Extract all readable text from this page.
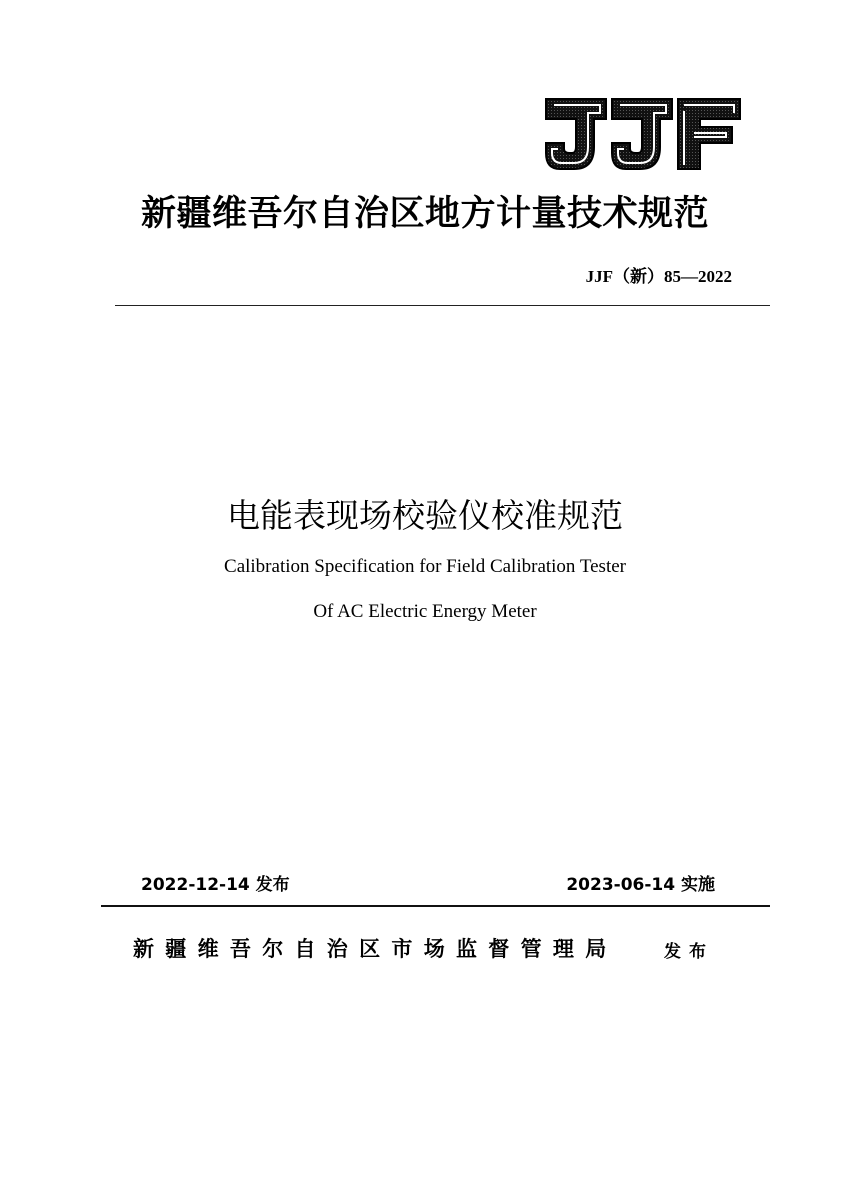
新疆维吾尔自治区地方计量技术规范
JJF（新）85—2022
电能表现场校验仪校准规范
Calibration Specification for Field Calibration Tester
Of AC Electric Energy Meter
2022-12-14 发布	2023-06-14 实施
新疆维吾尔自治区市场监督管理局	发布
